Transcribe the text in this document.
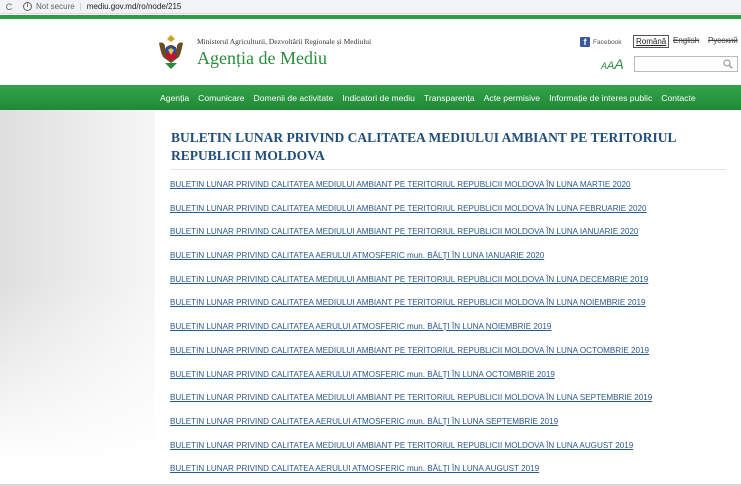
C	i Not secure | mediu.gov.md/ro/node/215
Ministerul Agriculturii, Dezvoltării Regionale și Mediului
Agenția de Mediu
f	Facebook	Română English Русский
AAA
Agenția Comunicare Domenii de activitate Indicatori de mediu Transparența Acte permisive Informație de interes public Contacte
BULETIN LUNAR PRIVIND CALITATEA MEDIULUI AMBIANT PE TERITORIUL REPUBLICII MOLDOVA
BULETIN LUNAR PRIVIND CALITATEA MEDIULUI AMBIANT PE TERITORIUL REPUBLICII MOLDOVA ÎN LUNA MARTIE 2020
BULETIN LUNAR PRIVIND CALITATEA MEDIULUI AMBIANT PE TERITORIUL REPUBLICII MOLDOVA ÎN LUNA FEBRUARIE 2020
BULETIN LUNAR PRIVIND CALITATEA MEDIULUI AMBIANT PE TERITORIUL REPUBLICII MOLDOVA ÎN LUNA IANUARIE 2020
BULETIN LUNAR PRIVIND CALITATEA AERULUI ATMOSFERIC mun. BĂLȚI ÎN LUNA IANUARIE 2020
BULETIN LUNAR PRIVIND CALITATEA MEDIULUI AMBIANT PE TERITORIUL REPUBLICII MOLDOVA ÎN LUNA DECEMBRIE 2019
BULETIN LUNAR PRIVIND CALITATEA MEDIULUI AMBIANT PE TERITORIUL REPUBLICII MOLDOVA ÎN LUNA NOIEMBRIE 2019
BULETIN LUNAR PRIVIND CALITATEA AERULUI ATMOSFERIC mun. BĂLȚI ÎN LUNA NOIEMBRIE 2019
BULETIN LUNAR PRIVIND CALITATEA MEDIULUI AMBIANT PE TERITORIUL REPUBLICII MOLDOVA ÎN LUNA OCTOMBRIE 2019
BULETIN LUNAR PRIVIND CALITATEA AERULUI ATMOSFERIC mun. BĂLȚI ÎN LUNA OCTOMBRIE 2019
BULETIN LUNAR PRIVIND CALITATEA MEDIULUI AMBIANT PE TERITORIUL REPUBLICII MOLDOVA ÎN LUNA SEPTEMBRIE 2019
BULETIN LUNAR PRIVIND CALITATEA AERULUI ATMOSFERIC mun. BĂLȚI ÎN LUNA SEPTEMBRIE 2019
BULETIN LUNAR PRIVIND CALITATEA MEDIULUI AMBIANT PE TERITORIUL REPUBLICII MOLDOVA ÎN LUNA AUGUST 2019
BULETIN LUNAR PRIVIND CALITATEA AERULUI ATMOSFERIC mun. BĂLȚI ÎN LUNA AUGUST 2019
